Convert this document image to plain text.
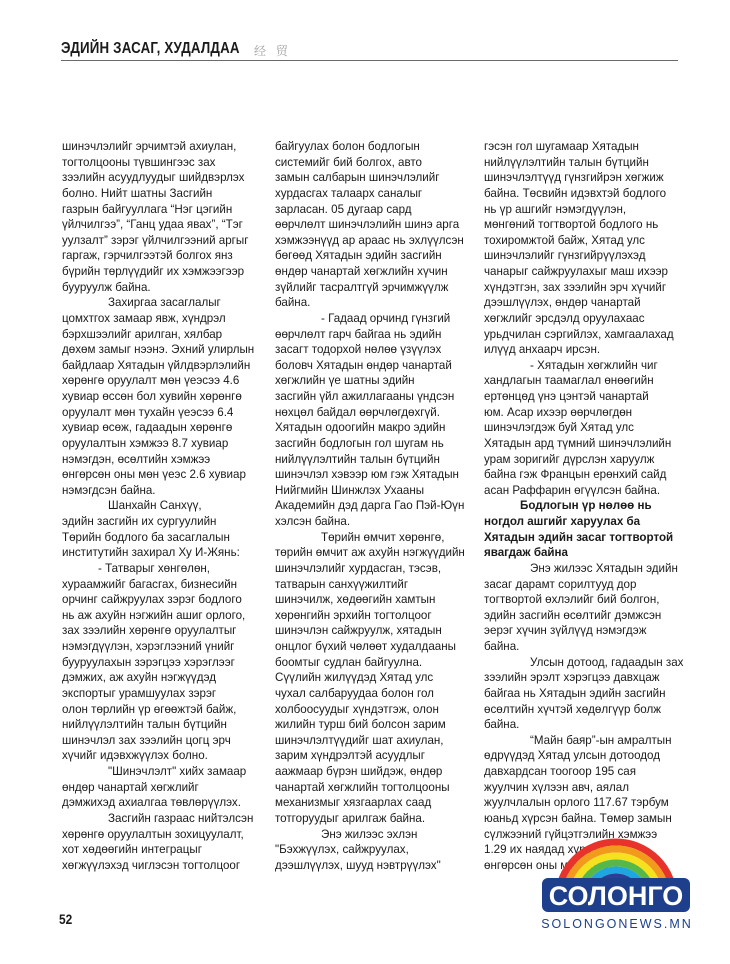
ЭДИЙН ЗАСАГ, ХУДАЛДАА 经 贸
шинэчлэлийг эрчимтэй ахиулан,
тогтолцооны түвшингээс зах
зээлийн асуудлуудыг шийдвэрлэх
болно. Нийт шатны Засгийн
газрын байгууллага “Нэг цэгийн
үйлчилгээ”, “Ганц удаа явах”, “Тэг
уулзалт” зэрэг үйлчилгээний аргыг
гаргаж, гэрчилгээтэй болгох янз
бүрийн төрлүүдийг их хэмжээгээр
бууруулж байна.
Захиргаа засаглалыг
цомхтгох замаар явж, хүндрэл
бэрхшээлийг арилган, хялбар
дөхөм замыг нээнэ. Эхний улирлын
байдлаар Хятадын үйлдвэрлэлийн
хөрөнгө оруулалт мөн үеэсээ 4.6
хувиар өссөн бол хувийн хөрөнгө
оруулалт мөн тухайн үеэсээ 6.4
хувиар өсөж, гадаадын хөрөнгө
оруулалтын хэмжээ 8.7 хувиар
нэмэгдэн, өсөлтийн хэмжээ
өнгөрсөн оны мөн үеэс 2.6 хувиар
нэмэгдсэн байна.
Шанхайн Санхүү,
эдийн засгийн их сургуулийн
Төрийн бодлого ба засаглалын
институтийн захирал Ху И-Жянь:
- Татварыг хөнгөлөн,
хураамжийг багасгах, бизнесийн
орчинг сайжруулах зэрэг бодлого
нь аж ахуйн нэгжийн ашиг орлого,
зах зээлийн хөрөнгө оруулалтыг
нэмэгдүүлэн, хэрэглээний үнийг
бууруулахын зэрэгцээ хэрэглээг
дэмжих, аж ахуйн нэгжүүдэд
экспортыг урамшуулах зэрэг
олон төрлийн үр өгөөжтэй байж,
нийлүүлэлтийн талын бүтцийн
шинэчлэл зах зээлийн цогц эрч
хүчийг идэвхжүүлэх болно.
"Шинэчлэлт" хийх замаар
өндөр чанартай хөгжлийг
дэмжихэд ахиалгаа төвлөрүүлэх.
Засгийн газраас нийтэлсэн
хөрөнгө оруулалтын зохицуулалт,
хот хөдөөгийн интеграцыг
хөгжүүлэхэд чиглэсэн тогтолцоог
байгуулах болон бодлогын
системийг бий болгох, авто
замын салбарын шинэчлэлийг
хурдасгах талаарх саналыг
зарласан. 05 дугаар сард
өөрчлөлт шинэчлэлийн шинэ арга
хэмжээнүүд ар араас нь эхлүүлсэн
бөгөөд Хятадын эдийн засгийн
өндөр чанартай хөгжлийн хүчин
зүйлийг тасралтгүй эрчимжүүлж
байна.
- Гадаад орчинд гүнзгий
өөрчлөлт гарч байгаа нь эдийн
засагт тодорхой нөлөө үзүүлэх
боловч Хятадын өндөр чанартай
хөгжлийн үе шатны эдийн
засгийн үйл ажиллагааны үндсэн
нөхцөл байдал өөрчлөгдөхгүй.
Хятадын одоогийн макро эдийн
засгийн бодлогын гол шугам нь
нийлүүлэлтийн талын бүтцийн
шинэчлэл хэвээр юм гэж Хятадын
Нийгмийн Шинжлэх Ухааны
Академийн дэд дарга Гао Пэй-Юүн
хэлсэн байна.
Төрийн өмчит хөрөнгө,
төрийн өмчит аж ахуйн нэгжүүдийн
шинэчлэлийг хурдасган, тэсэв,
татварын санхүүжилтийг
шинэчилж, хөдөөгийн хамтын
хөрөнгийн эрхийн тогтолцоог
шинэчлэн сайжруулж, хятадын
онцлог бүхий чөлөөт худалдааны
боомтыг судлан байгуулна.
Сүүлийн жилүүдэд Хятад улс
чухал салбаруудаа болон гол
холбоосуудыг хүндэтгэж, олон
жилийн турш бий болсон зарим
шинэчлэлтүүдийг шат ахиулан,
зарим хүндрэлтэй асуудлыг
аажмаар бүрэн шийдэж, өндөр
чанартай хөгжлийн тогтолцооны
механизмыг хязгаарлах саад
тотгоруудыг арилгаж байна.
Энэ жилээс эхлэн
"Бэхжүүлэх, сайжруулах,
дээшлүүлэх, шууд нэвтрүүлэх"
гэсэн гол шугамаар Хятадын
нийлүүлэлтийн талын бүтцийн
шинэчлэлтүүд гүнзгийрэн хөгжиж
байна. Төсвийн идэвхтэй бодлого
нь үр ашгийг нэмэгдүүлэн,
мөнгөний тогтвортой бодлого нь
тохиромжтой байж, Хятад улс
шинэчлэлийг гүнзгийрүүлэхэд
чанарыг сайжруулахыг маш ихээр
хүндэтгэн, зах зээлийн эрч хүчийг
дээшлүүлэх, өндөр чанартай
хөгжлийг эрсдэлд оруулахаас
урьдчилан сэргийлэх, хамгаалахад
илүүд анхаарч ирсэн.
- Хятадын хөгжлийн чиг
хандлагын таамаглал өнөөгийн
ертөнцөд үнэ цэнтэй чанартай
юм. Асар ихээр өөрчлөгдөн
шинэчлэгдэж буй Хятад улс
Хятадын ард түмний шинэчлэлийн
урам зоригийг дүрслэн харуулж
байна гэж Францын ерөнхий сайд
асан Раффарин өгүүлсэн байна.
Бодлогын үр нөлөө нь
ногдол ашгийг харуулах ба
Хятадын эдийн засаг тогтвортой
явагдаж байна
Энэ жилээс Хятадын эдийн
засаг дарамт сорилтууд дор
тогтвортой өхлэлийг бий болгон,
эдийн засгийн өсөлтийг дэмжсэн
эерэг хүчин зүйлүүд нэмэгдэж
байна.
Улсын дотоод, гадаадын зах
зээлийн эрэлт хэрэгцээ давхцаж
байгаа нь Хятадын эдийн засгийн
өсөлтийн хүчтэй хөдөлгүүр болж
байна.
“Майн баяр”-ын амралтын
өдрүүдэд Хятад улсын дотоодод
давхардсан тоогоор 195 сая
жуулчин хүлээн авч, аялал
жуулчлалын орлого 117.67 тэрбум
юаньд хүрсэн байна. Төмөр замын
сүлжээний гүйцэтгэлийн хэмжээ
1.29 их наядад хүрсэн
өнгөрсөн оны мөн үеэс
52
СОЛОНГО
SOLONGONEWS.MN
